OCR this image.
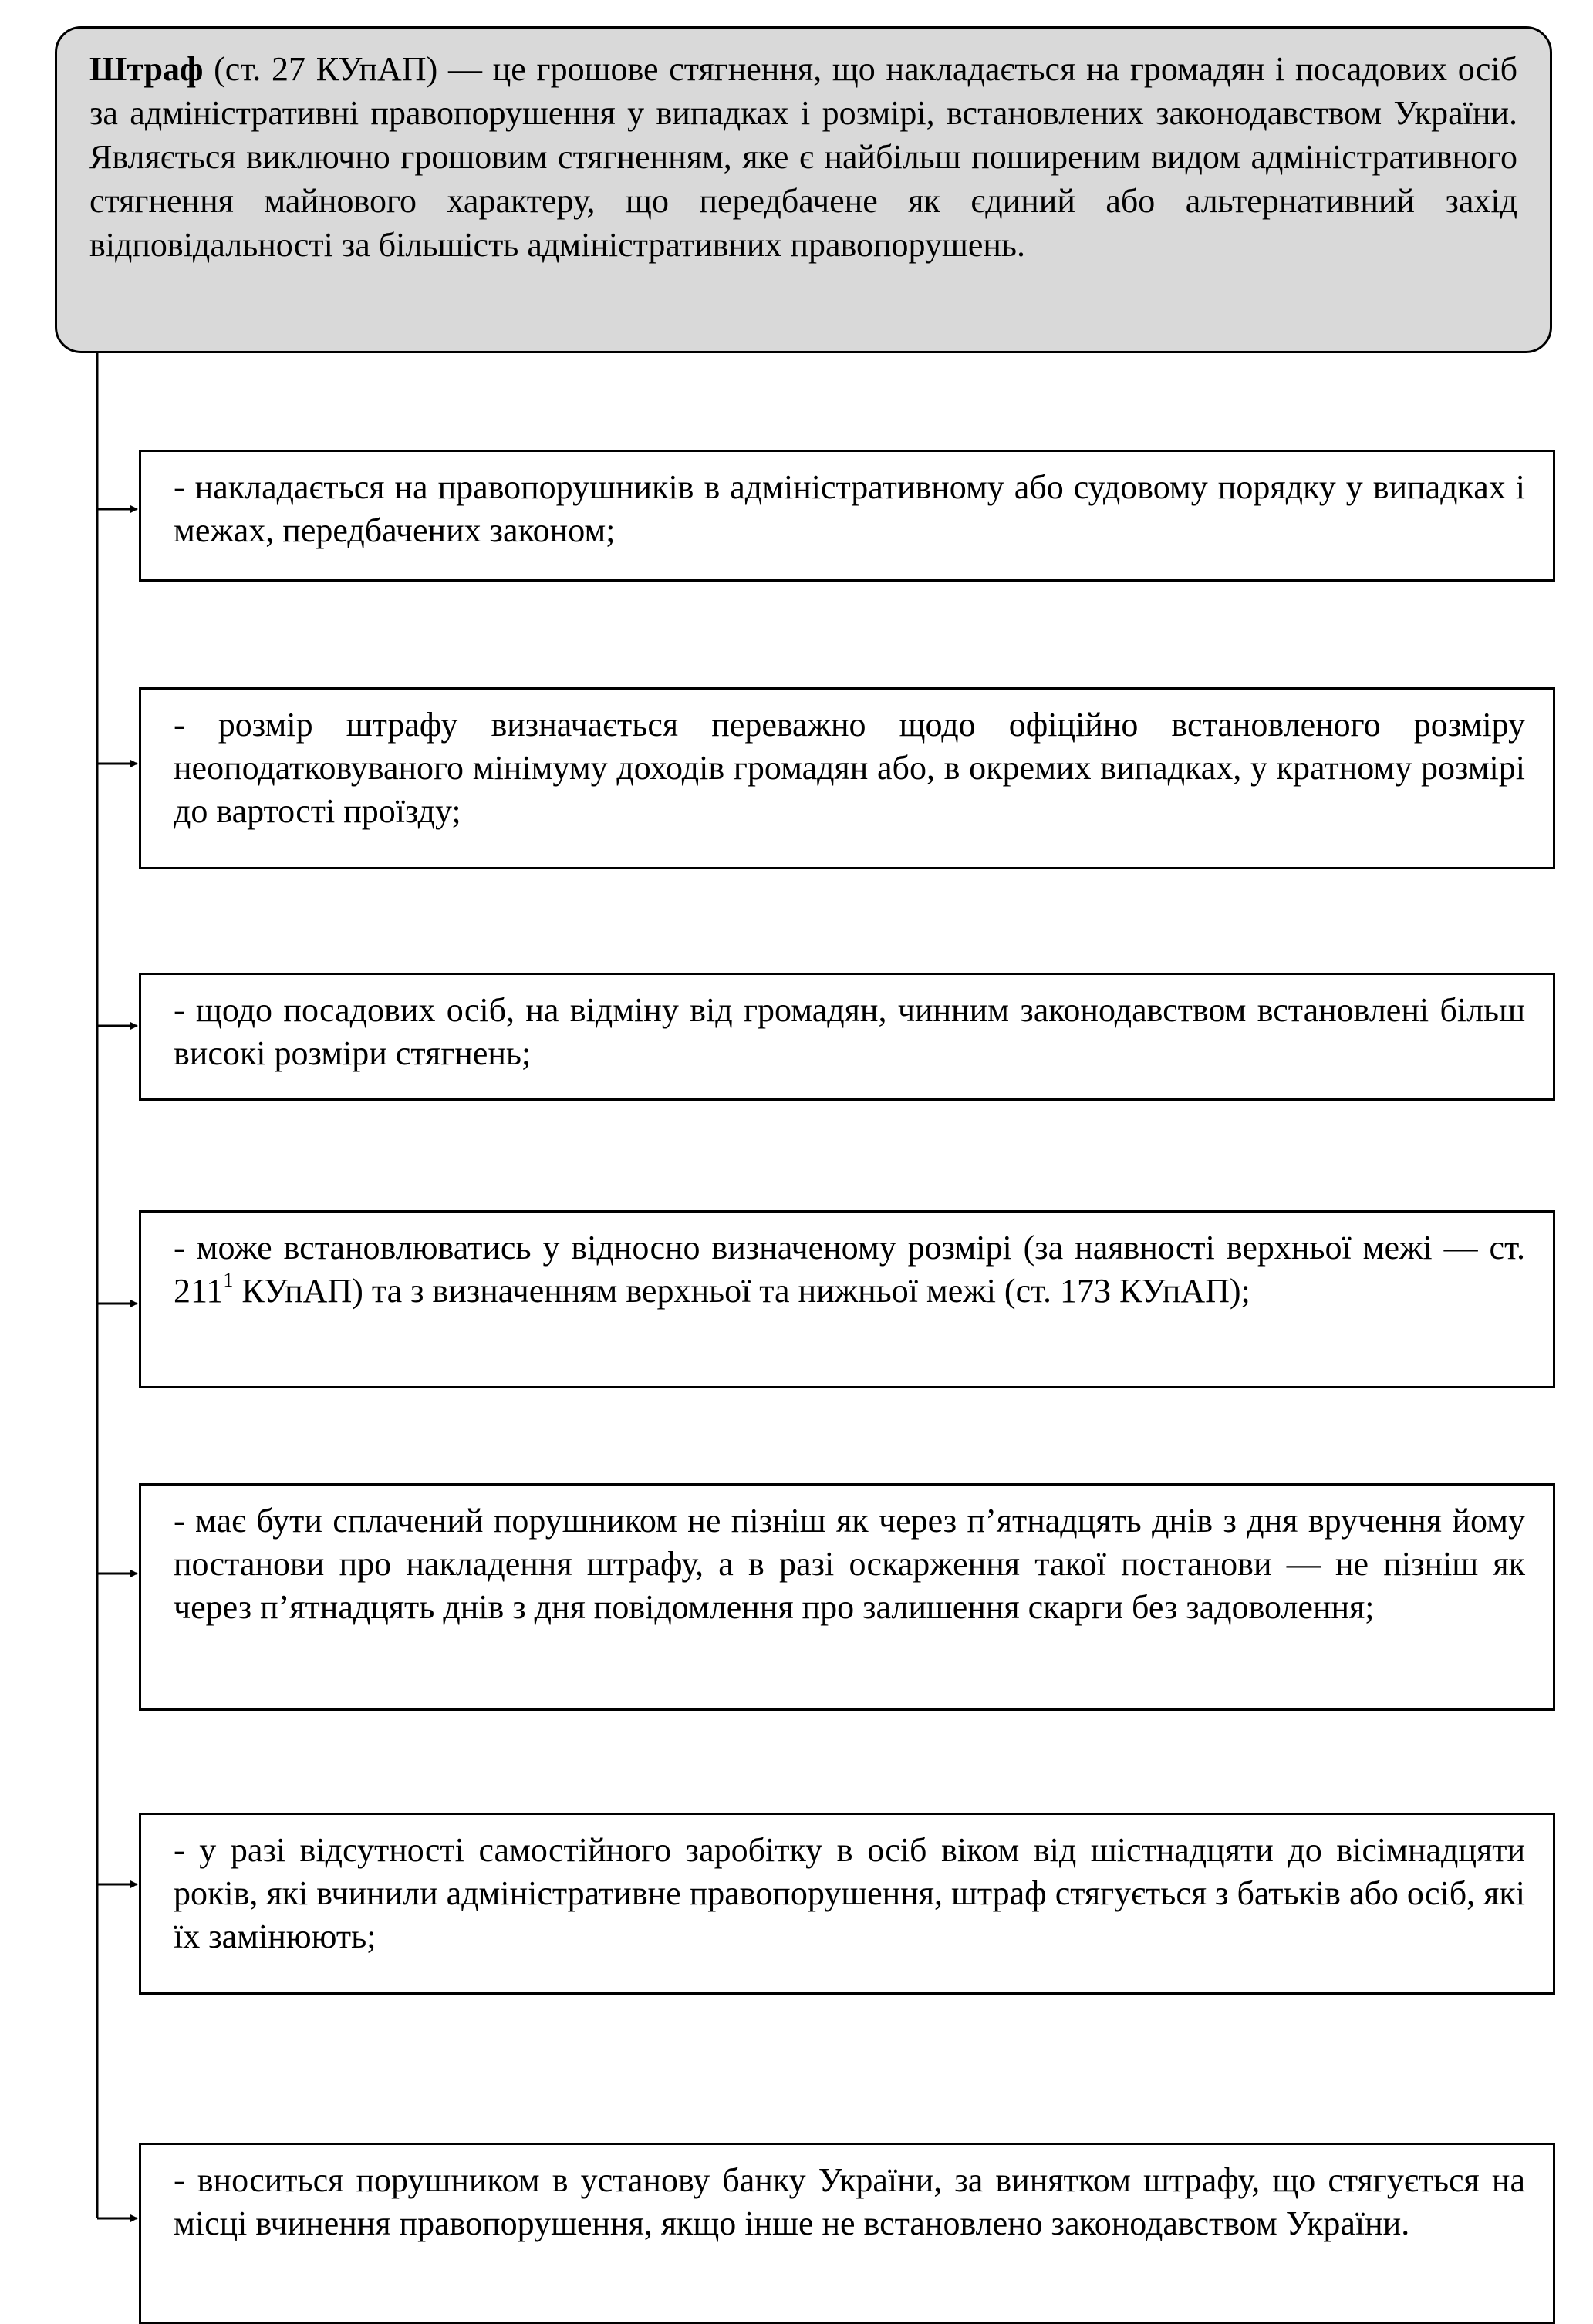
Штраф (ст. 27 КУпАП) — це грошове стягнення, що накладається на громадян і посадових осіб за адміністративні правопорушення у випадках і розмірі, встановлених законодавством України. Являється виключно грошовим стягненням, яке є найбільш поширеним видом адміністративного стягнення майнового характеру, що передбачене як єдиний або альтернативний захід відповідальності за більшість адміністративних правопорушень.
- накладається на правопорушників в адміністративному або судовому порядку у випадках і межах, передбачених законом;
- розмір штрафу визначається переважно щодо офіційно встановленого розміру неоподатковуваного мінімуму доходів громадян або, в окремих випадках, у кратному розмірі до вартості проїзду;
- щодо посадових осіб, на відміну від громадян, чинним законодавством встановлені більш високі розміри стягнень;
- може встановлюватись у відносно визначеному розмірі (за наявності верхньої межі — ст. $211^1$ КУпАП) та з визначенням верхньої та нижньої межі (ст. 173 КУпАП);
- має бути сплачений порушником не пізніш як через п’ятнадцять днів з дня вручення йому постанови про накладення штрафу, а в разі оскарження такої постанови — не пізніш як через п’ятнадцять днів з дня повідомлення про залишення скарги без задоволення;
- у разі відсутності самостійного заробітку в осіб віком від шістнадцяти до вісімнадцяти років, які вчинили адміністративне правопорушення, штраф стягується з батьків або осіб, які їх замінюють;
- вноситься порушником в установу банку України, за винятком штрафу, що стягується на місці вчинення правопорушення, якщо інше не встановлено законодавством України.
